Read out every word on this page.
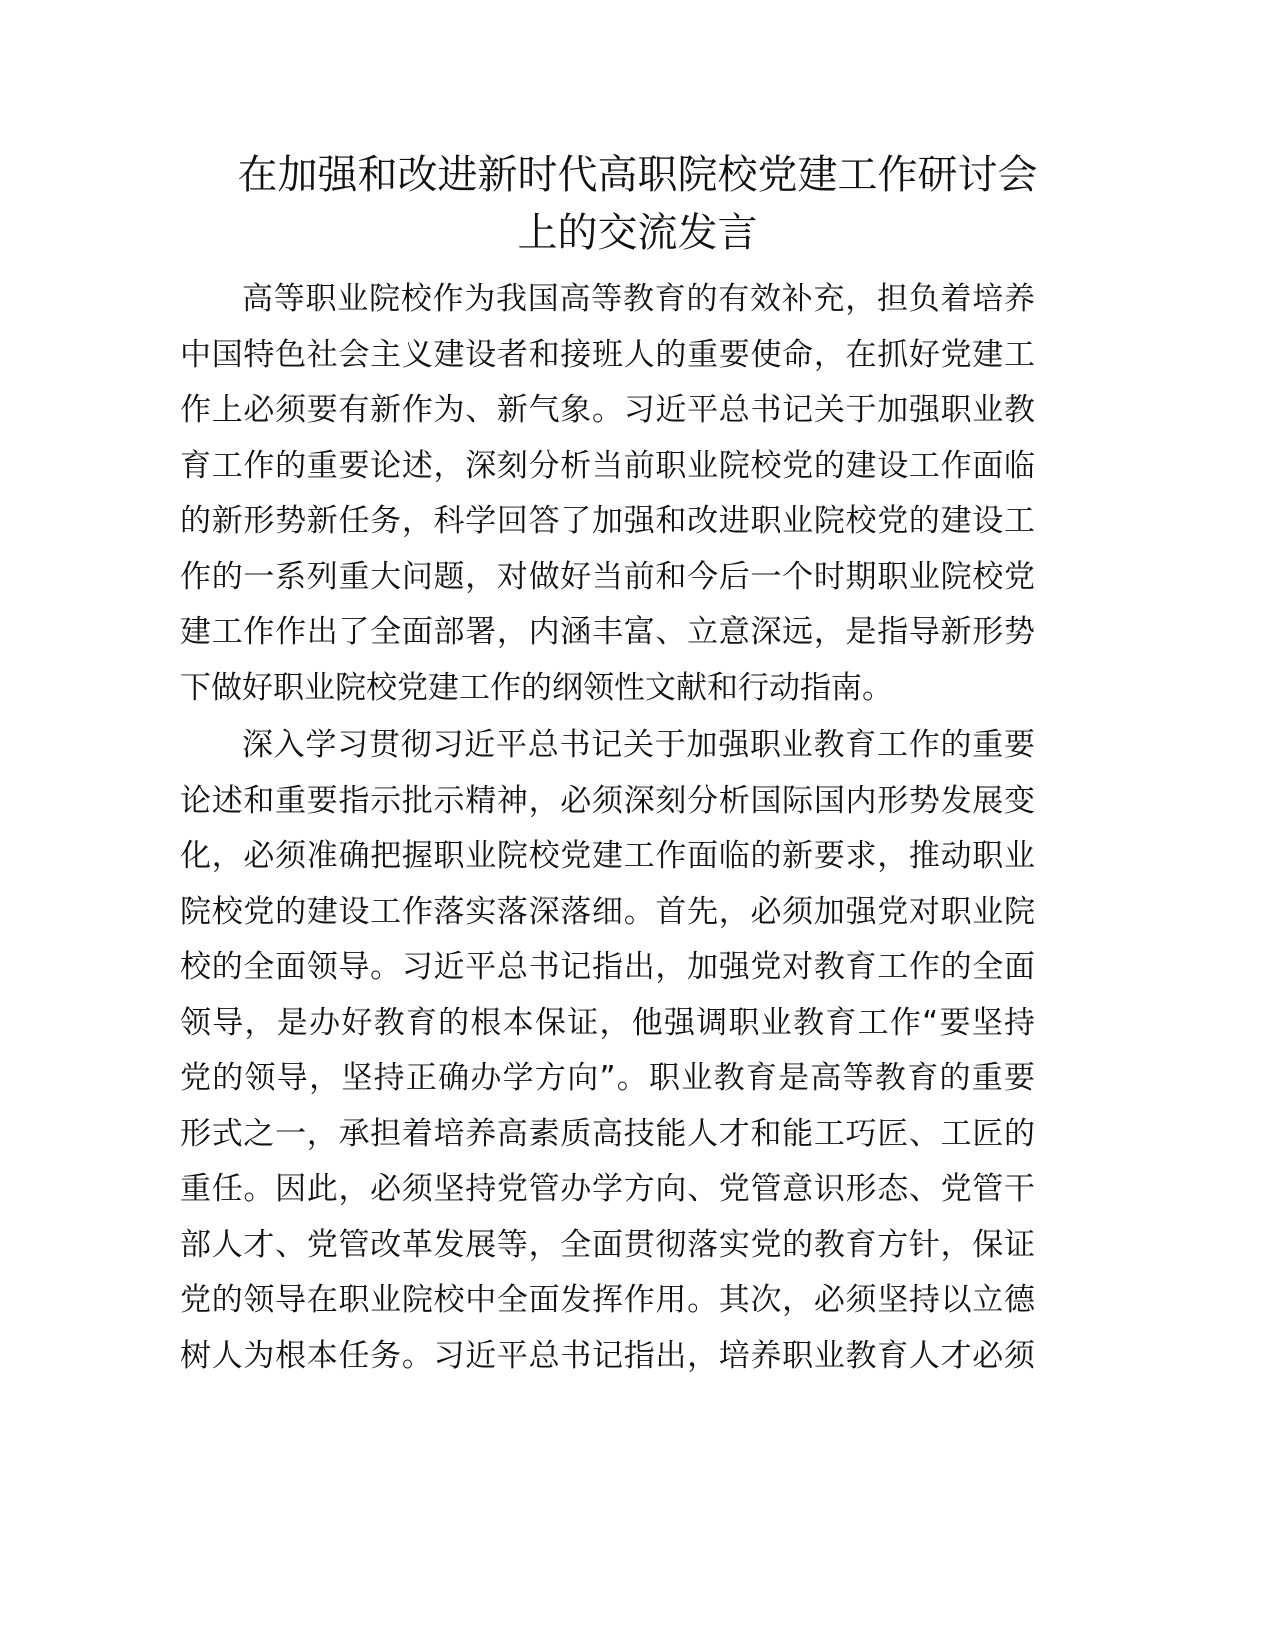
在加强和改进新时代高职院校党建工作研讨会
上的交流发言
高等职业院校作为我国高等教育的有效补充，担负着培养
中国特色社会主义建设者和接班人的重要使命，在抓好党建工
作上必须要有新作为、新气象。习近平总书记关于加强职业教
育工作的重要论述，深刻分析当前职业院校党的建设工作面临
的新形势新任务，科学回答了加强和改进职业院校党的建设工
作的一系列重大问题，对做好当前和今后一个时期职业院校党
建工作作出了全面部署，内涵丰富、立意深远，是指导新形势
下做好职业院校党建工作的纲领性文献和行动指南。
深入学习贯彻习近平总书记关于加强职业教育工作的重要
论述和重要指示批示精神，必须深刻分析国际国内形势发展变
化，必须准确把握职业院校党建工作面临的新要求，推动职业
院校党的建设工作落实落深落细。首先，必须加强党对职业院
校的全面领导。习近平总书记指出，加强党对教育工作的全面
领导，是办好教育的根本保证，他强调职业教育工作“要坚持
党的领导，坚持正确办学方向”。职业教育是高等教育的重要
形式之一，承担着培养高素质高技能人才和能工巧匠、工匠的
重任。因此，必须坚持党管办学方向、党管意识形态、党管干
部人才、党管改革发展等，全面贯彻落实党的教育方针，保证
党的领导在职业院校中全面发挥作用。其次，必须坚持以立德
树人为根本任务。习近平总书记指出，培养职业教育人才必须
